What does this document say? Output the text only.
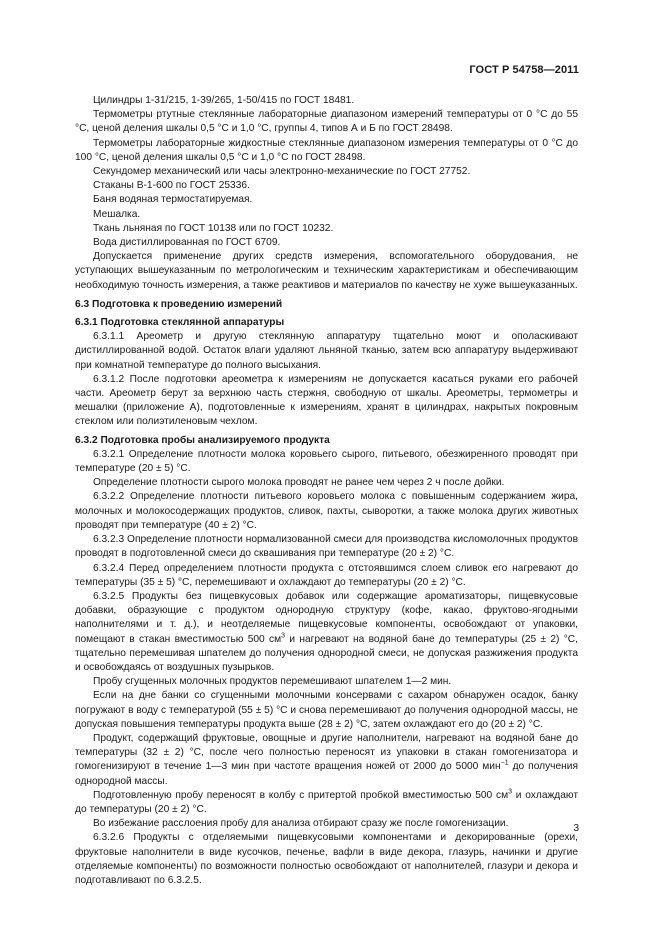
ГОСТ Р 54758—2011

Цилиндры 1-31/215, 1-39/265, 1-50/415 по ГОСТ 18481.

Термометры ртутные стеклянные лабораторные диапазоном измерений температуры от 0 °С до 55 °С, ценой деления шкалы 0,5 °С и 1,0 °С, группы 4, типов А и Б по ГОСТ 28498.

Термометры лабораторные жидкостные стеклянные диапазоном измерения температуры от 0 °С до 100 °С, ценой деления шкалы 0,5 °С и 1,0 °С по ГОСТ 28498.

Секундомер механический или часы электронно-механические по ГОСТ 27752.

Стаканы В-1-600 по ГОСТ 25336.

Баня водяная термостатируемая.

Мешалка.

Ткань льняная по ГОСТ 10138 или по ГОСТ 10232.

Вода дистиллированная по ГОСТ 6709.

Допускается применение других средств измерения, вспомогательного оборудования, не уступающих вышеуказанным по метрологическим и техническим характеристикам и обеспечивающим необходимую точность измерения, а также реактивов и материалов по качеству не хуже вышеуказанных.

6.3 Подготовка к проведению измерений

6.3.1 Подготовка стеклянной аппаратуры

6.3.1.1 Ареометр и другую стеклянную аппаратуру тщательно моют и ополаскивают дистиллированной водой. Остаток влаги удаляют льняной тканью, затем всю аппаратуру выдерживают при комнатной температуре до полного высыхания.

6.3.1.2 После подготовки ареометра к измерениям не допускается касаться руками его рабочей части. Ареометр берут за верхнюю часть стержня, свободную от шкалы. Ареометры, термометры и мешалки (приложение А), подготовленные к измерениям, хранят в цилиндрах, накрытых покровным стеклом или полиэтиленовым чехлом.

6.3.2 Подготовка пробы анализируемого продукта

6.3.2.1 Определение плотности молока коровьего сырого, питьевого, обезжиренного проводят при температуре (20 ± 5) °С.

Определение плотности сырого молока проводят не ранее чем через 2 ч после дойки.

6.3.2.2 Определение плотности питьевого коровьего молока с повышенным содержанием жира, молочных и молокосодержащих продуктов, сливок, пахты, сыворотки, а также молока других животных проводят при температуре (40 ± 2) °С.

6.3.2.3 Определение плотности нормализованной смеси для производства кисломолочных продуктов проводят в подготовленной смеси до сквашивания при температуре (20 ± 2) °С.

6.3.2.4 Перед определением плотности продукта с отстоявшимся слоем сливок его нагревают до температуры (35 ± 5) °С, перемешивают и охлаждают до температуры (20 ± 2) °С.

6.3.2.5 Продукты без пищевкусовых добавок или содержащие ароматизаторы, пищевкусовые добавки, образующие с продуктом однородную структуру (кофе, какао, фруктово-ягодными наполнителями и т. д.), и неотделяемые пищевкусовые компоненты, освобождают от упаковки, помещают в стакан вместимостью 500 $см^3$ и нагревают на водяной бане до температуры (25 ± 2) °С, тщательно перемешивая шпателем до получения однородной смеси, не допуская разжижения продукта и освобождаясь от воздушных пузырьков.

Пробу сгущенных молочных продуктов перемешивают шпателем 1—2 мин.

Если на дне банки со сгущенными молочными консервами с сахаром обнаружен осадок, банку погружают в воду с температурой (55 ± 5) °С и снова перемешивают до получения однородной массы, не допуская повышения температуры продукта выше (28 ± 2) °С, затем охлаждают его до (20 ± 2) °С.

Продукт, содержащий фруктовые, овощные и другие наполнители, нагревают на водяной бане до температуры (32 ± 2) °С, после чего полностью переносят из упаковки в стакан гомогенизатора и гомогенизируют в течение 1—3 мин при частоте вращения ножей от 2000 до 5000 мин$^{-1}$ до получения однородной массы.

Подготовленную пробу переносят в колбу с притертой пробкой вместимостью 500 $см^3$ и охлаждают до температуры (20 ± 2) °С.

Во избежание расслоения пробу для анализа отбирают сразу же после гомогенизации.

6.3.2.6 Продукты с отделяемыми пищевкусовыми компонентами и декорированные (орехи, фруктовые наполнители в виде кусочков, печенье, вафли в виде декора, глазурь, начинки и другие отделяемые компоненты) по возможности полностью освобождают от наполнителей, глазури и декора и подготавливают по 6.3.2.5.

3
